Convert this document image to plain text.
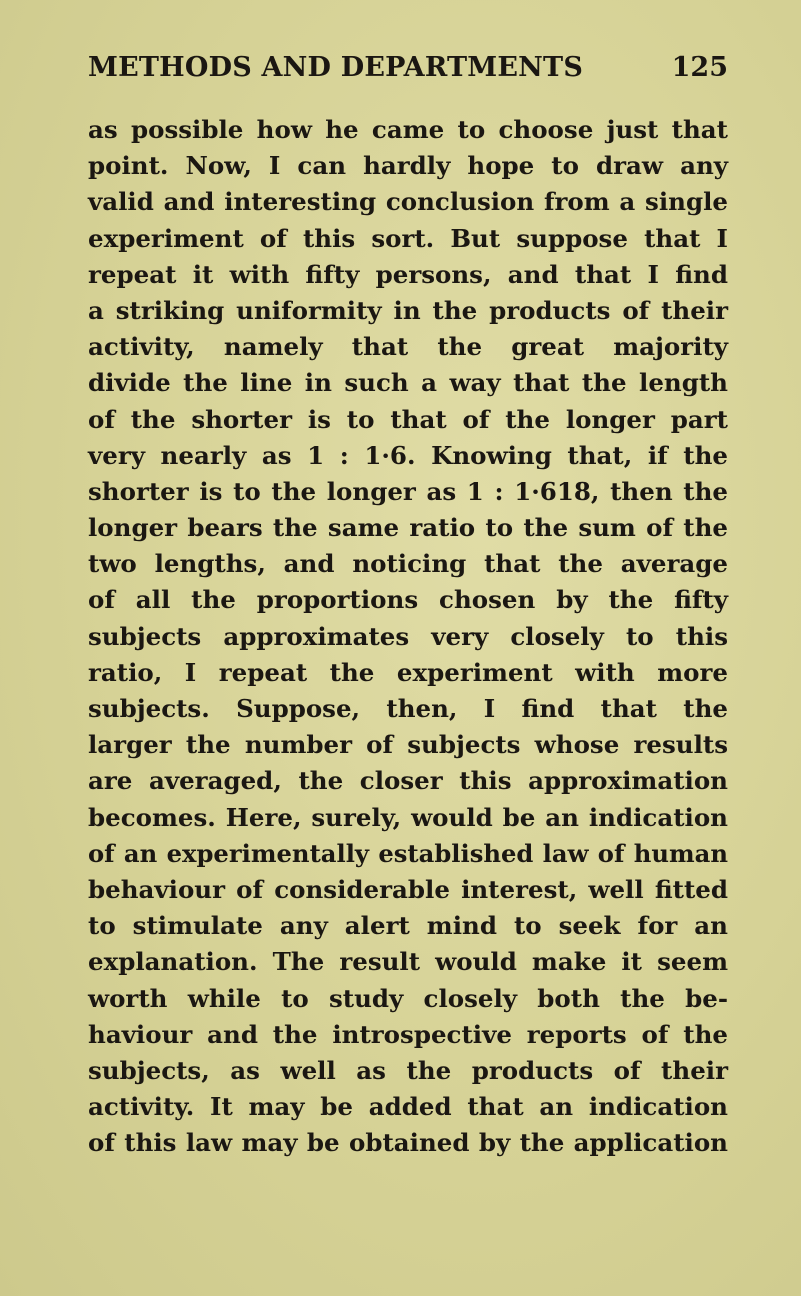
METHODS AND DEPARTMENTS	125
as possible how he came to choose just that
point. Now, I can hardly hope to draw any
valid and interesting conclusion from a single
experiment of this sort. But suppose that I
repeat it with fifty persons, and that I find
a striking uniformity in the products of their
activity, namely that the great majority
divide the line in such a way that the length
of the shorter is to that of the longer part
very nearly as 1 : 1·6. Knowing that, if the
shorter is to the longer as 1 : 1·618, then the
longer bears the same ratio to the sum of the
two lengths, and noticing that the average
of all the proportions chosen by the fifty
subjects approximates very closely to this
ratio, I repeat the experiment with more
subjects. Suppose, then, I find that the
larger the number of subjects whose results
are averaged, the closer this approximation
becomes. Here, surely, would be an indication
of an experimentally established law of human
behaviour of considerable interest, well fitted
to stimulate any alert mind to seek for an
explanation. The result would make it seem
worth while to study closely both the be-
haviour and the introspective reports of the
subjects, as well as the products of their
activity. It may be added that an indication
of this law may be obtained by the application
